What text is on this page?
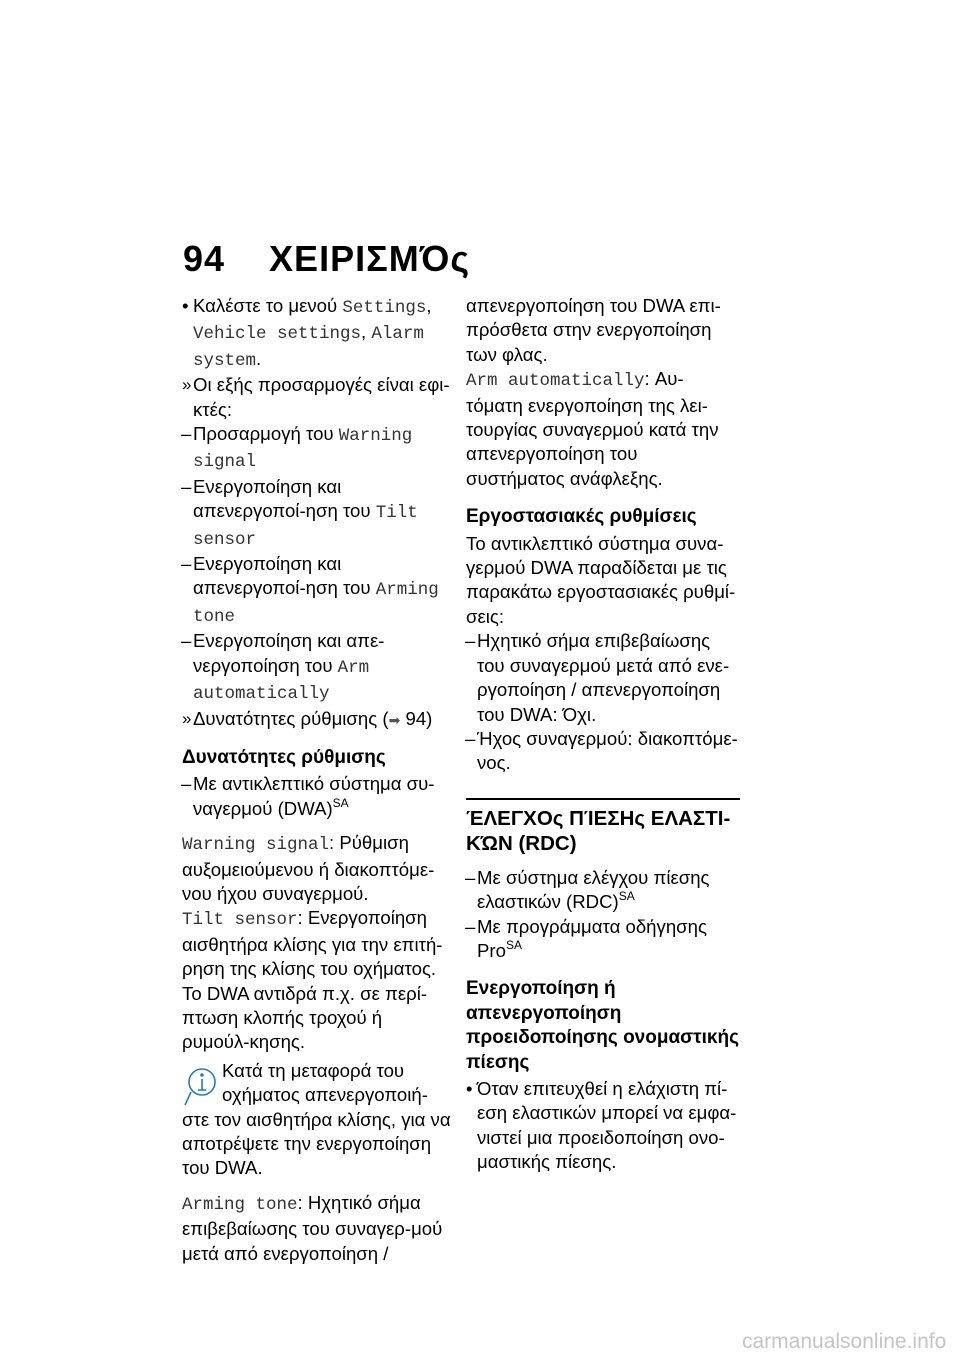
94 ΧΕΙΡΙΣΜΌς
• Καλέστε το μενού Settings, Vehicle settings, Alarm system.
» Οι εξής προσαρμογές είναι εφι-κτές:
– Προσαρμογή του Warning signal
– Ενεργοποίηση και απενεργοποί-ηση του Tilt sensor
– Ενεργοποίηση και απενεργοποί-ηση του Arming tone
– Ενεργοποίηση και απε-νεργοποίηση του Arm automatically
» Δυνατότητες ρύθμισης (➡ 94)
Δυνατότητες ρύθμισης
– Με αντικλεπτικό σύστημα συ-ναγερμού (DWA)$^{SA}$
Warning signal: Ρύθμιση αυξομειούμενου ή διακοπτόμε-νου ήχου συναγερμού.
Tilt sensor: Ενεργοποίηση αισθητήρα κλίσης για την επιτή-ρηση της κλίσης του οχήματος. Το DWA αντιδρά π.χ. σε περί-πτωση κλοπής τροχού ή ρυμούλ-κησης.
Κατά τη μεταφορά του οχήματος απενεργοποιή-στε τον αισθητήρα κλίσης, για να αποτρέψετε την ενεργοποίηση του DWA.
Arming tone: Ηχητικό σήμα επιβεβαίωσης του συναγερ-μού μετά από ενεργοποίηση /
απενεργοποίηση του DWA επι-πρόσθετα στην ενεργοποίηση των φλας.
Arm automatically: Αυ-τόματη ενεργοποίηση της λει-τουργίας συναγερμού κατά την απενεργοποίηση του συστήματος ανάφλεξης.
Εργοστασιακές ρυθμίσεις
Το αντικλεπτικό σύστημα συνα-γερμού DWA παραδίδεται με τις παρακάτω εργοστασιακές ρυθμί-σεις:
– Ηχητικό σήμα επιβεβαίωσης του συναγερμού μετά από ενε-ργοποίηση / απενεργοποίηση του DWA: Όχι.
– Ήχος συναγερμού: διακοπτόμε-νος.
ΈΛΕΓΧΟς ΠΊΕΣΗς ΕΛΑΣΤΙ-ΚΏΝ (RDC)
– Με σύστημα ελέγχου πίεσης ελαστικών (RDC)$^{SA}$
– Με προγράμματα οδήγησης Pro$^{SA}$
Ενεργοποίηση ή απενεργοποίηση προειδοποίησης ονομαστικής πίεσης
• Όταν επιτευχθεί η ελάχιστη πί-εση ελαστικών μπορεί να εμφα-νιστεί μια προειδοποίηση ονο-μαστικής πίεσης.
carmanualsonline.info
